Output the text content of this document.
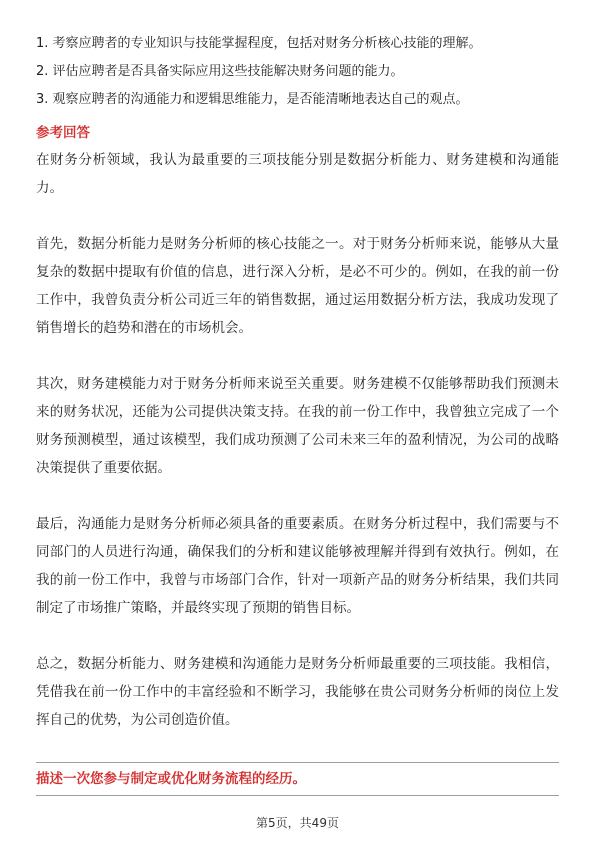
1. 考察应聘者的专业知识与技能掌握程度，包括对财务分析核心技能的理解。
2. 评估应聘者是否具备实际应用这些技能解决财务问题的能力。
3. 观察应聘者的沟通能力和逻辑思维能力，是否能清晰地表达自己的观点。
参考回答

在财务分析领域，我认为最重要的三项技能分别是数据分析能力、财务建模和沟通能力。

首先，数据分析能力是财务分析师的核心技能之一。对于财务分析师来说，能够从大量复杂的数据中提取有价值的信息，进行深入分析，是必不可少的。例如，在我的前一份工作中，我曾负责分析公司近三年的销售数据，通过运用数据分析方法，我成功发现了销售增长的趋势和潜在的市场机会。

其次，财务建模能力对于财务分析师来说至关重要。财务建模不仅能够帮助我们预测未来的财务状况，还能为公司提供决策支持。在我的前一份工作中，我曾独立完成了一个财务预测模型，通过该模型，我们成功预测了公司未来三年的盈利情况，为公司的战略决策提供了重要依据。

最后，沟通能力是财务分析师必须具备的重要素质。在财务分析过程中，我们需要与不同部门的人员进行沟通，确保我们的分析和建议能够被理解并得到有效执行。例如，在我的前一份工作中，我曾与市场部门合作，针对一项新产品的财务分析结果，我们共同制定了市场推广策略，并最终实现了预期的销售目标。

总之，数据分析能力、财务建模和沟通能力是财务分析师最重要的三项技能。我相信，凭借我在前一份工作中的丰富经验和不断学习，我能够在贵公司财务分析师的岗位上发挥自己的优势，为公司创造价值。

描述一次您参与制定或优化财务流程的经历。
第5页，共49页
